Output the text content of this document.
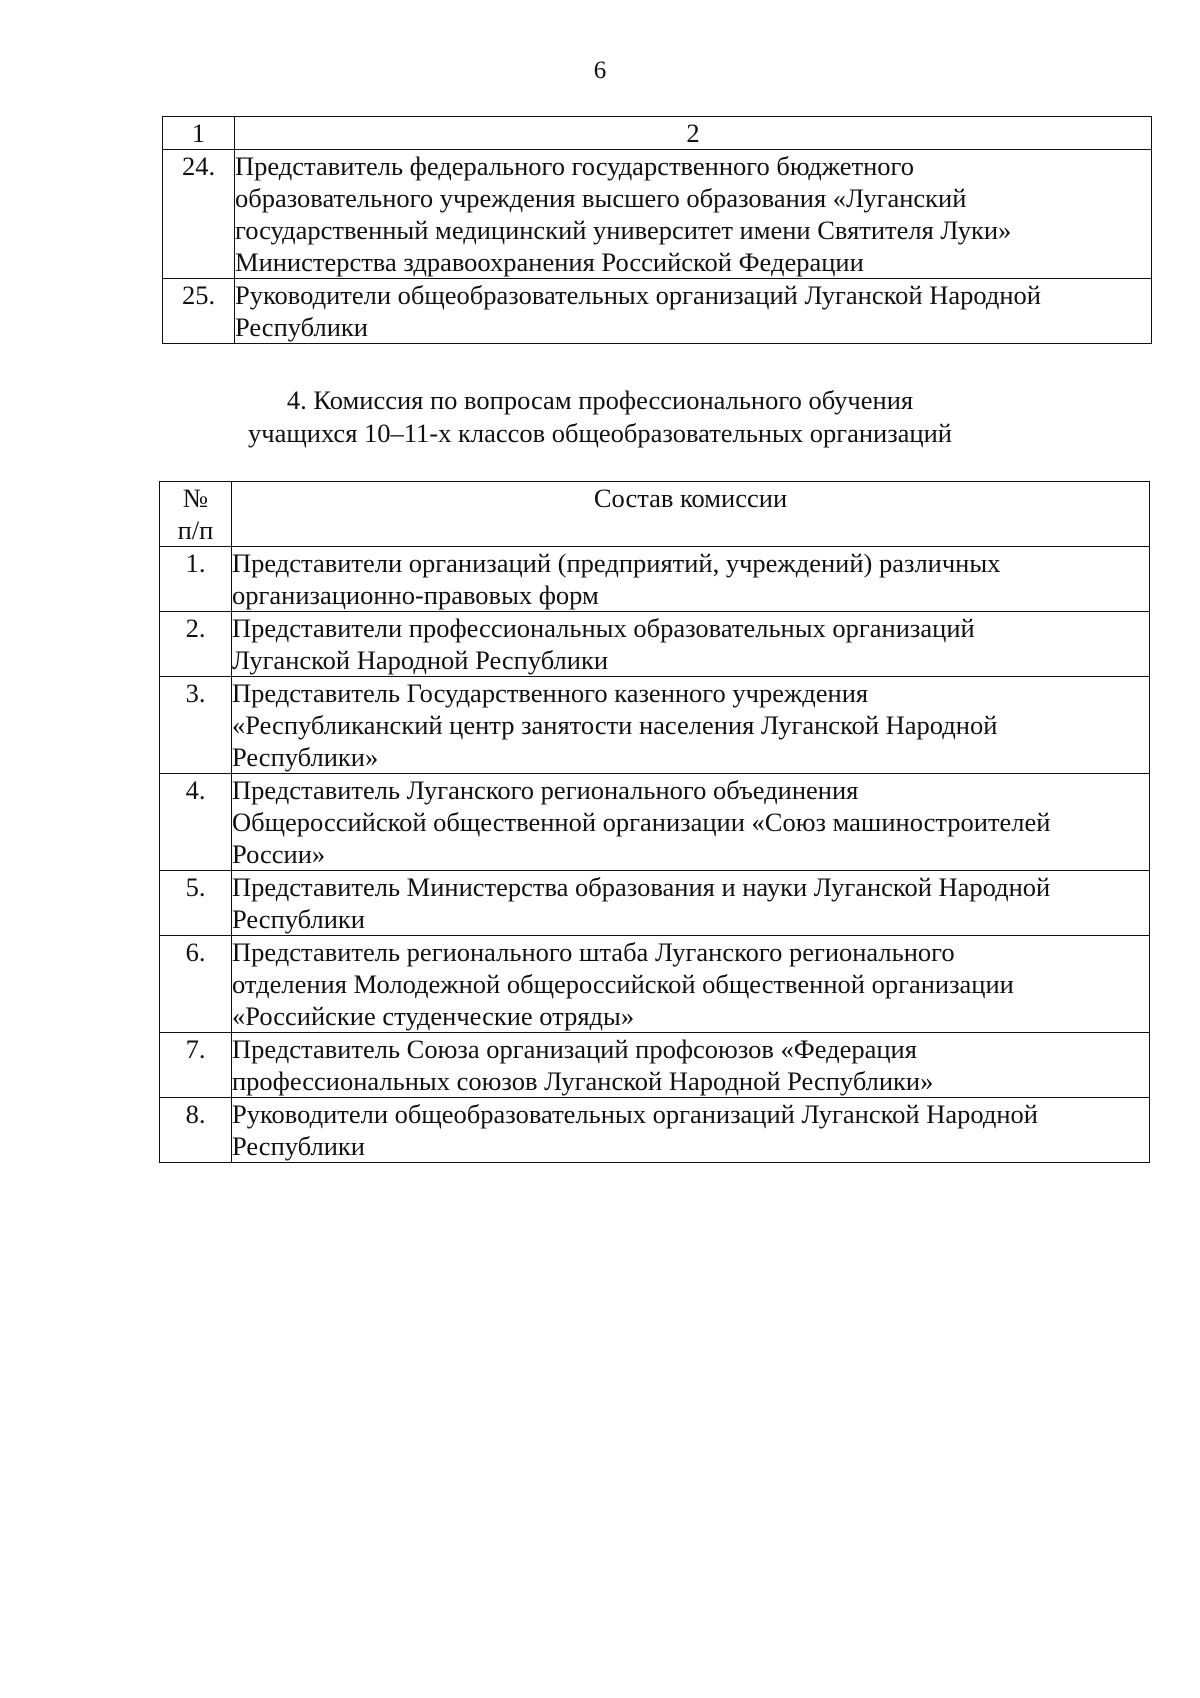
6
1	2
24.	Представитель федерального государственного бюджетного
образовательного учреждения высшего образования «Луганский
государственный медицинский университет имени Святителя Луки»
Министерства здравоохранения Российской Федерации

25.	Руководители общеобразовательных организаций Луганской Народной
Республики
4. Комиссия по вопросам профессионального обучения
учащихся 10–11-х классов общеобразовательных организаций
№
п/п	Состав комиссии
1.	Представители организаций (предприятий, учреждений) различных
организационно-правовых форм

2.	Представители профессиональных образовательных организаций
Луганской Народной Республики

3.	Представитель Государственного казенного учреждения
«Республиканский центр занятости населения Луганской Народной
Республики»

4.	Представитель Луганского регионального объединения
Общероссийской общественной организации «Союз машиностроителей
России»

5.	Представитель Министерства образования и науки Луганской Народной
Республики

6.	Представитель регионального штаба Луганского регионального
отделения Молодежной общероссийской общественной организации
«Российские студенческие отряды»

7.	Представитель Союза организаций профсоюзов «Федерация
профессиональных союзов Луганской Народной Республики»

8.	Руководители общеобразовательных организаций Луганской Народной
Республики
